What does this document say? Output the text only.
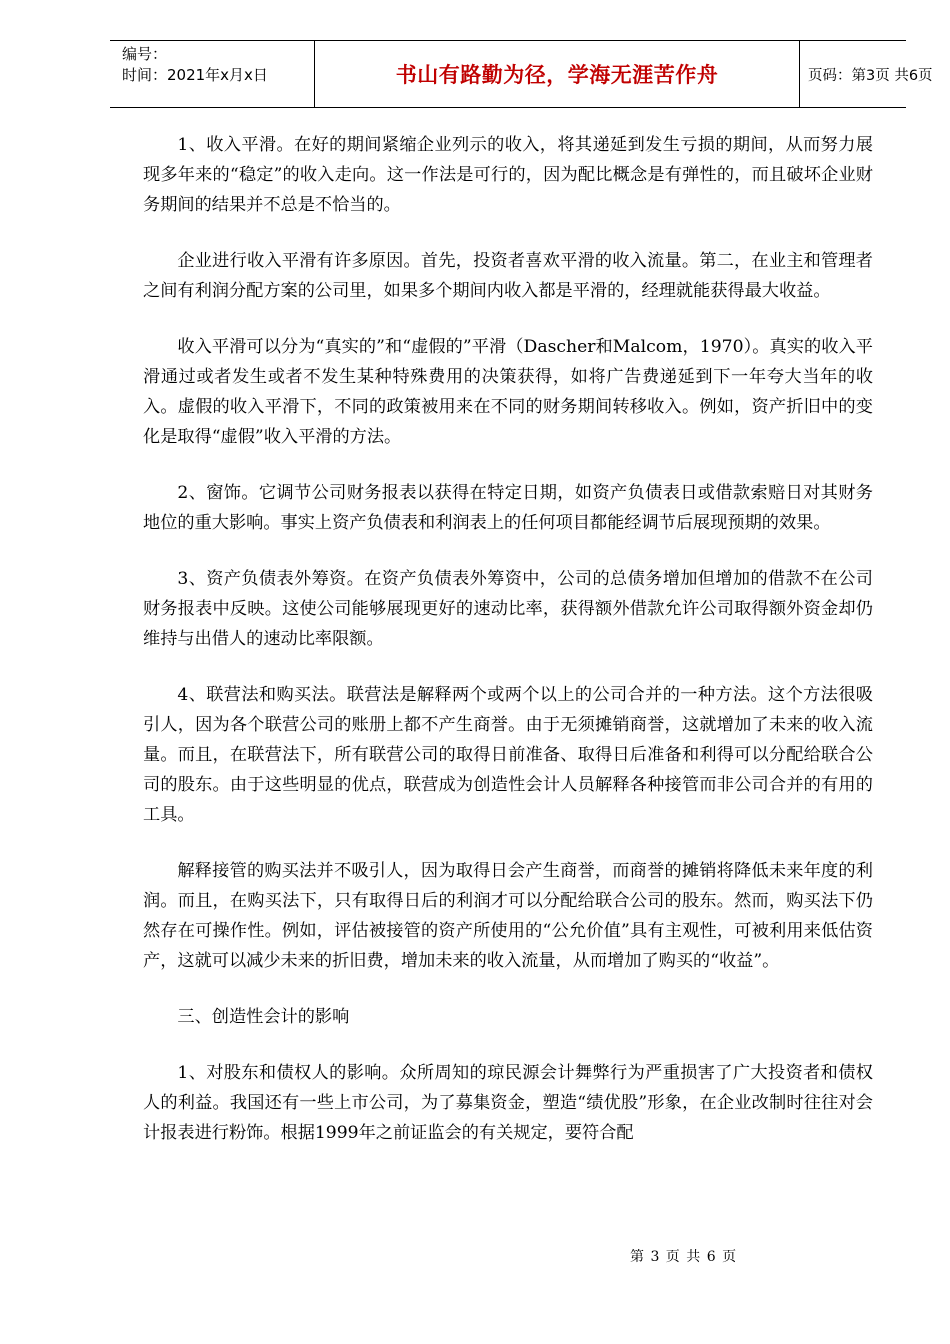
编号：
时间：2021年x月x日	书山有路勤为径，学海无涯苦作舟	页码：第3页 共6页

1、收入平滑。在好的期间紧缩企业列示的收入，将其递延到发生亏损的期间，从而努力展现多年来的“稳定”的收入走向。这一作法是可行的，因为配比概念是有弹性的，而且破坏企业财务期间的结果并不总是不恰当的。

企业进行收入平滑有许多原因。首先，投资者喜欢平滑的收入流量。第二，在业主和管理者之间有利润分配方案的公司里，如果多个期间内收入都是平滑的，经理就能获得最大收益。

收入平滑可以分为“真实的”和“虚假的”平滑（Dascher和Malcom，1970）。真实的收入平滑通过或者发生或者不发生某种特殊费用的决策获得，如将广告费递延到下一年夸大当年的收入。虚假的收入平滑下，不同的政策被用来在不同的财务期间转移收入。例如，资产折旧中的变化是取得“虚假”收入平滑的方法。

2、窗饰。它调节公司财务报表以获得在特定日期，如资产负债表日或借款索赔日对其财务地位的重大影响。事实上资产负债表和利润表上的任何项目都能经调节后展现预期的效果。

3、资产负债表外筹资。在资产负债表外筹资中，公司的总债务增加但增加的借款不在公司财务报表中反映。这使公司能够展现更好的速动比率，获得额外借款允许公司取得额外资金却仍维持与出借人的速动比率限额。

4、联营法和购买法。联营法是解释两个或两个以上的公司合并的一种方法。这个方法很吸引人，因为各个联营公司的账册上都不产生商誉。由于无须摊销商誉，这就增加了未来的收入流量。而且，在联营法下，所有联营公司的取得日前准备、取得日后准备和利得可以分配给联合公司的股东。由于这些明显的优点，联营成为创造性会计人员解释各种接管而非公司合并的有用的工具。

解释接管的购买法并不吸引人，因为取得日会产生商誉，而商誉的摊销将降低未来年度的利润。而且，在购买法下，只有取得日后的利润才可以分配给联合公司的股东。然而，购买法下仍然存在可操作性。例如，评估被接管的资产所使用的“公允价值”具有主观性，可被利用来低估资产，这就可以减少未来的折旧费，增加未来的收入流量，从而增加了购买的“收益”。

三、创造性会计的影响

1、对股东和债权人的影响。众所周知的琼民源会计舞弊行为严重损害了广大投资者和债权人的利益。我国还有一些上市公司，为了募集资金，塑造“绩优股”形象，在企业改制时往往对会计报表进行粉饰。根据1999年之前证监会的有关规定，要符合配

第 3 页 共 6 页
